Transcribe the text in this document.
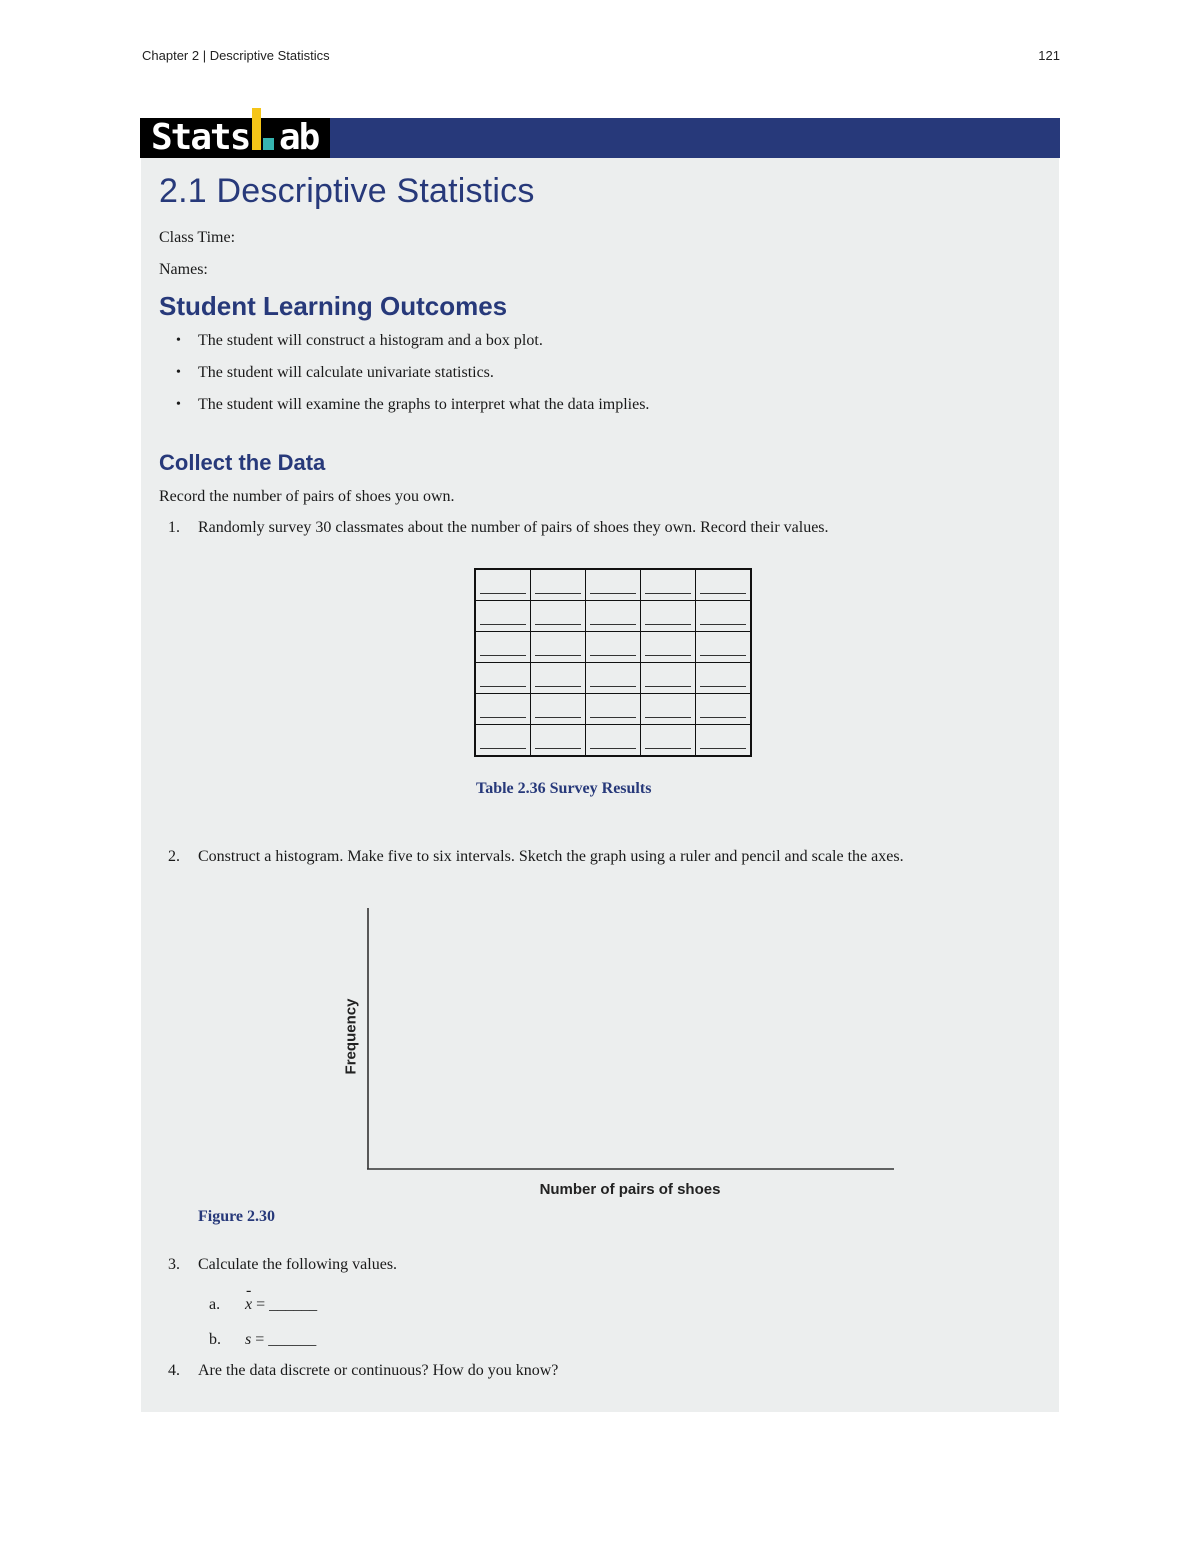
Chapter 2 | Descriptive Statistics	121
Stats ab
2.1 Descriptive Statistics
Class Time:
Names:
Student Learning Outcomes
• The student will construct a histogram and a box plot.
• The student will calculate univariate statistics.
• The student will examine the graphs to interpret what the data implies.
Collect the Data
Record the number of pairs of shoes you own.
1. Randomly survey 30 classmates about the number of pairs of shoes they own. Record their values.

Table 2.36 Survey Results
2. Construct a histogram. Make five to six intervals. Sketch the graph using a ruler and pencil and scale the axes.
Frequency
Number of pairs of shoes
Figure 2.30
3. Calculate the following values.
a.
-
x = ______
b. s = ______
4. Are the data discrete or continuous? How do you know?
